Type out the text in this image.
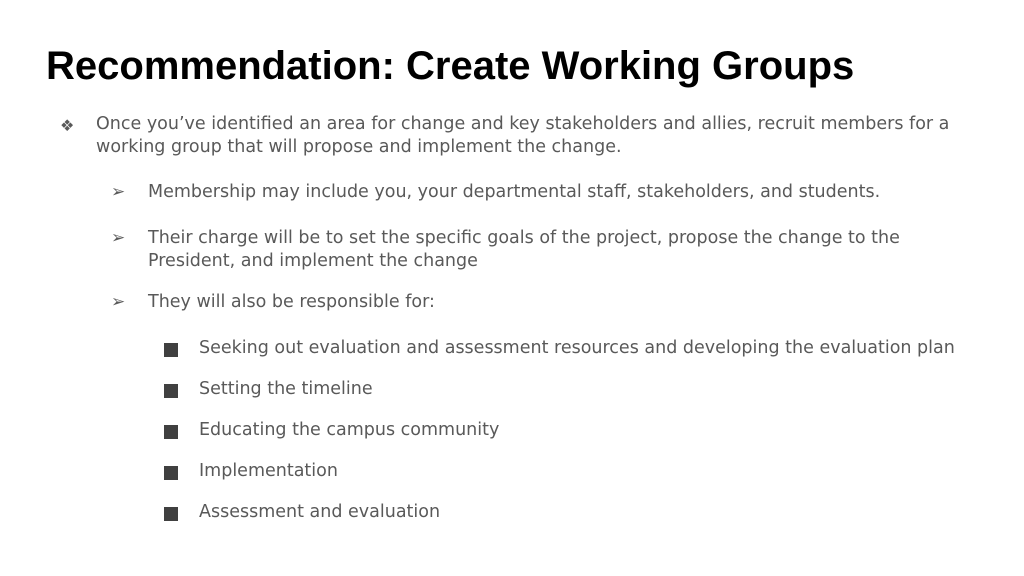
Recommendation: Create Working Groups
❖ Once you’ve identified an area for change and key stakeholders and allies, recruit members for a working group that will propose and implement the change.
➢ Membership may include you, your departmental staff, stakeholders, and students.
➢ Their charge will be to set the specific goals of the project, propose the change to the President, and implement the change
➢ They will also be responsible for:
Seeking out evaluation and assessment resources and developing the evaluation plan
Setting the timeline
Educating the campus community
Implementation
Assessment and evaluation
